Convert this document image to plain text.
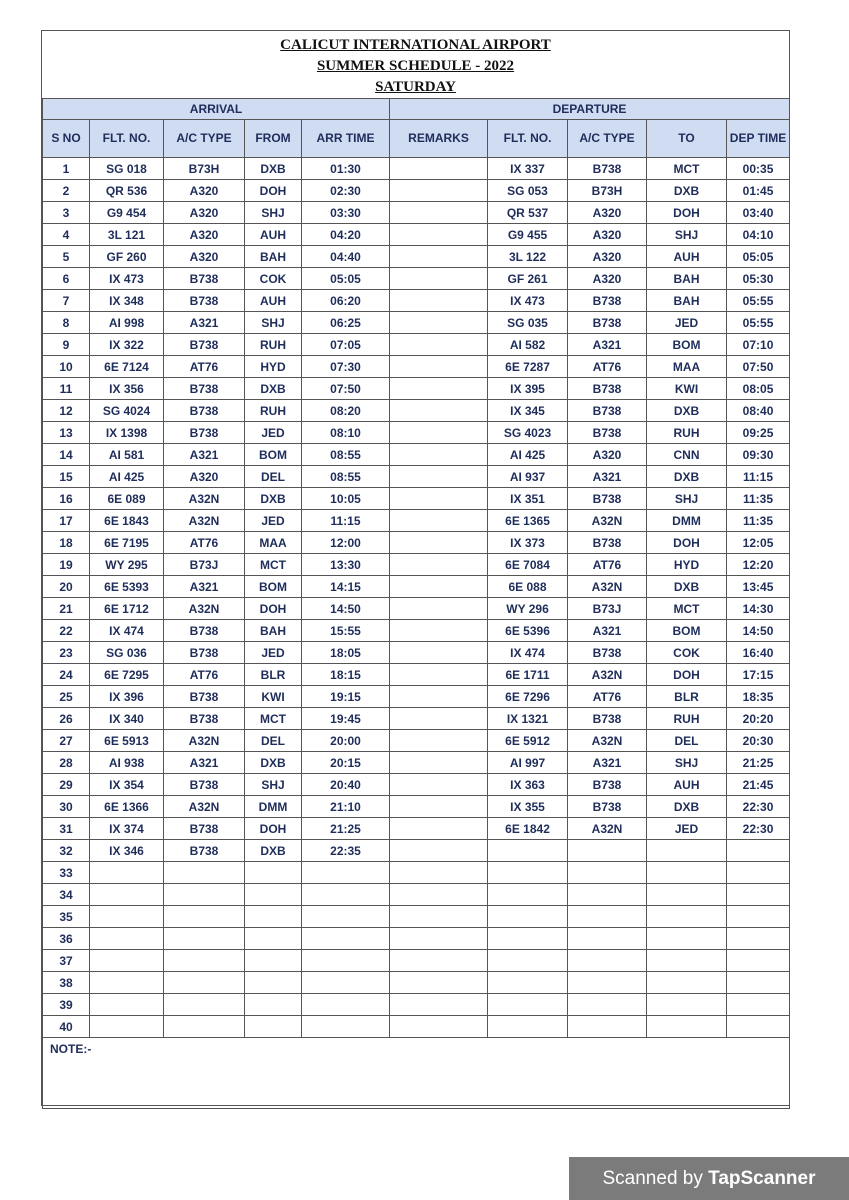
CALICUT INTERNATIONAL AIRPORT
SUMMER SCHEDULE - 2022
SATURDAY
ARRIVAL					DEPARTURE				
S NO	FLT. NO.	A/C TYPE	FROM	ARR TIME	REMARKS	FLT. NO.	A/C TYPE	TO	DEP TIME
1	SG 018	B73H	DXB	01:30		IX 337	B738	MCT	00:35
2	QR 536	A320	DOH	02:30		SG 053	B73H	DXB	01:45
3	G9 454	A320	SHJ	03:30		QR 537	A320	DOH	03:40
4	3L 121	A320	AUH	04:20		G9 455	A320	SHJ	04:10
5	GF 260	A320	BAH	04:40		3L 122	A320	AUH	05:05
6	IX 473	B738	COK	05:05		GF 261	A320	BAH	05:30
7	IX 348	B738	AUH	06:20		IX 473	B738	BAH	05:55
8	AI 998	A321	SHJ	06:25		SG 035	B738	JED	05:55
9	IX 322	B738	RUH	07:05		AI 582	A321	BOM	07:10
10	6E 7124	AT76	HYD	07:30		6E 7287	AT76	MAA	07:50
11	IX 356	B738	DXB	07:50		IX 395	B738	KWI	08:05
12	SG 4024	B738	RUH	08:20		IX 345	B738	DXB	08:40
13	IX 1398	B738	JED	08:10		SG 4023	B738	RUH	09:25
14	AI 581	A321	BOM	08:55		AI 425	A320	CNN	09:30
15	AI 425	A320	DEL	08:55		AI 937	A321	DXB	11:15
16	6E 089	A32N	DXB	10:05		IX 351	B738	SHJ	11:35
17	6E 1843	A32N	JED	11:15		6E 1365	A32N	DMM	11:35
18	6E 7195	AT76	MAA	12:00		IX 373	B738	DOH	12:05
19	WY 295	B73J	MCT	13:30		6E 7084	AT76	HYD	12:20
20	6E 5393	A321	BOM	14:15		6E 088	A32N	DXB	13:45
21	6E 1712	A32N	DOH	14:50		WY 296	B73J	MCT	14:30
22	IX 474	B738	BAH	15:55		6E 5396	A321	BOM	14:50
23	SG 036	B738	JED	18:05		IX 474	B738	COK	16:40
24	6E 7295	AT76	BLR	18:15		6E 1711	A32N	DOH	17:15
25	IX 396	B738	KWI	19:15		6E 7296	AT76	BLR	18:35
26	IX 340	B738	MCT	19:45		IX 1321	B738	RUH	20:20
27	6E 5913	A32N	DEL	20:00		6E 5912	A32N	DEL	20:30
28	AI 938	A321	DXB	20:15		AI 997	A321	SHJ	21:25
29	IX 354	B738	SHJ	20:40		IX 363	B738	AUH	21:45
30	6E 1366	A32N	DMM	21:10		IX 355	B738	DXB	22:30
31	IX 374	B738	DOH	21:25		6E 1842	A32N	JED	22:30
32	IX 346	B738	DXB	22:35					
33									
34									
35									
36									
37									
38									
39									
40									
NOTE:-									
Scanned by TapScanner
